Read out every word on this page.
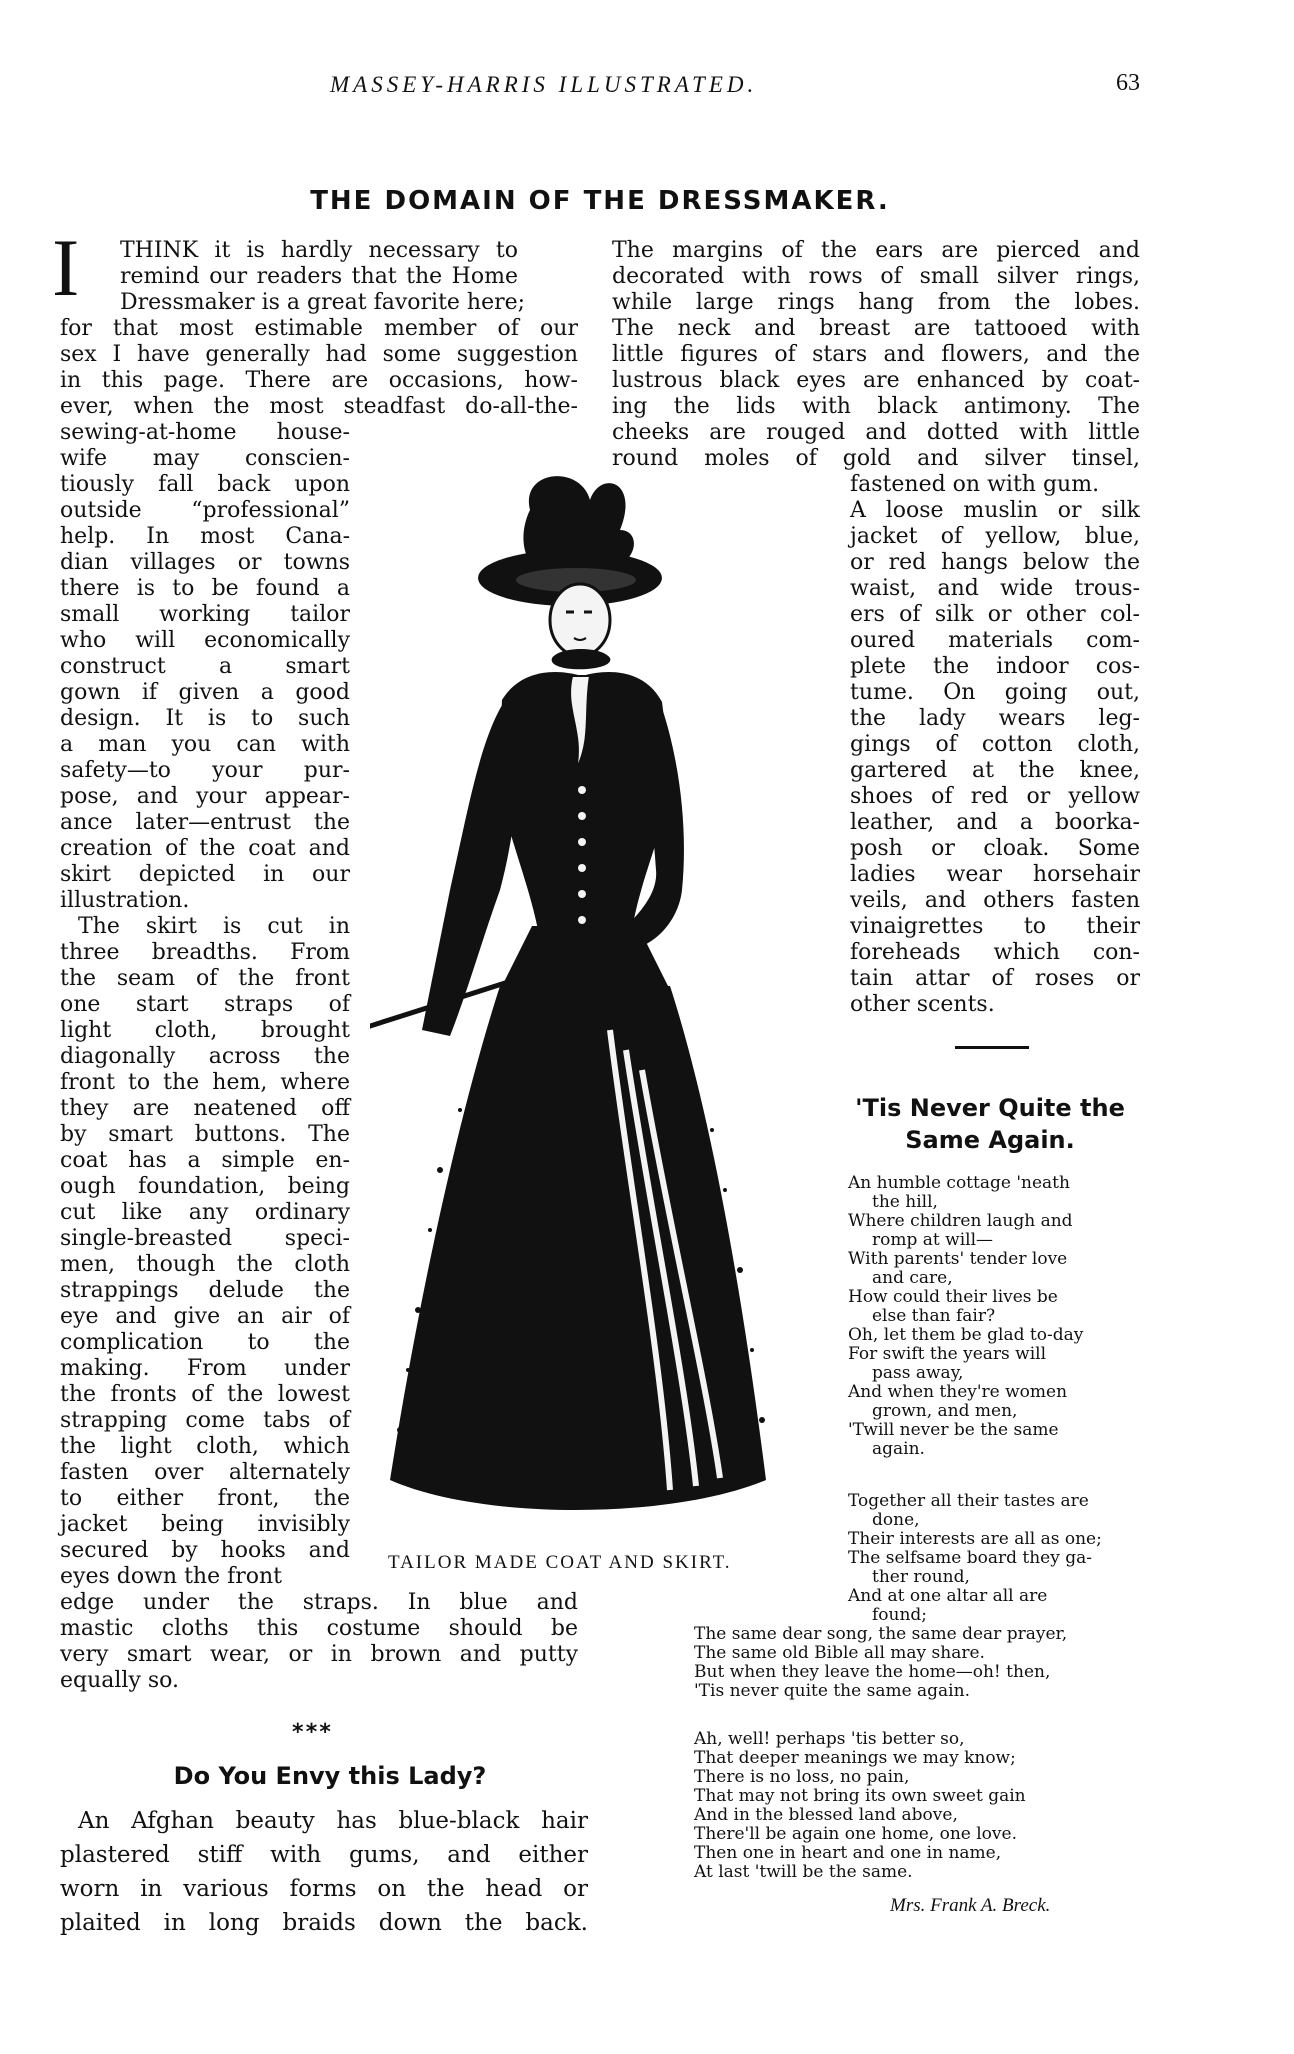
MASSEY-HARRIS ILLUSTRATED.	63
THE DOMAIN OF THE DRESSMAKER.
I THINK it is hardly necessary to
remind our readers that the Home
Dressmaker is a great favorite here;
for that most estimable member of our
sex I have generally had some suggestion
in this page. There are occasions, how-
ever, when the most steadfast do-all-the-
sewing-at-home house-
wife may conscien-
tiously fall back upon
outside “professional”
help. In most Cana-
dian villages or towns
there is to be found a
small working tailor
who will economically
construct a smart
gown if given a good
design. It is to such
a man you can with
safety—to your pur-
pose, and your appear-
ance later—entrust the
creation of the coat and
skirt depicted in our
illustration.
The skirt is cut in
three breadths. From
the seam of the front
one start straps of
light cloth, brought
diagonally across the
front to the hem, where
they are neatened off
by smart buttons. The
coat has a simple en-
ough foundation, being
cut like any ordinary
single-breasted speci-
men, though the cloth
strappings delude the
eye and give an air of
complication to the
making. From under
the fronts of the lowest
strapping come tabs of
the light cloth, which
fasten over alternately
to either front, the
jacket being invisibly
secured by hooks and
eyes down the front
edge under the straps. In blue and
mastic cloths this costume should be
very smart wear, or in brown and putty
equally so.
* * *
Do You Envy this Lady?
An Afghan beauty has blue-black hair
plastered stiff with gums, and either
worn in various forms on the head or
plaited in long braids down the back.
The margins of the ears are pierced and
decorated with rows of small silver rings,
while large rings hang from the lobes.
The neck and breast are tattooed with
little figures of stars and flowers, and the
lustrous black eyes are enhanced by coat-
ing the lids with black antimony. The
cheeks are rouged and dotted with little
round moles of gold and silver tinsel,
fastened on with gum.
A loose muslin or silk
jacket of yellow, blue,
or red hangs below the
waist, and wide trous-
ers of silk or other col-
oured materials com-
plete the indoor cos-
tume. On going out,
the lady wears leg-
gings of cotton cloth,
gartered at the knee,
shoes of red or yellow
leather, and a boorka-
posh or cloak. Some
ladies wear horsehair
veils, and others fasten
vinaigrettes to their
foreheads which con-
tain attar of roses or
other scents.
'Tis Never Quite the
Same Again.
An humble cottage 'neath
the hill,
Where children laugh and
romp at will—
With parents' tender love
and care,
How could their lives be
else than fair?
Oh, let them be glad to-day
For swift the years will
pass away,
And when they're women
grown, and men,
'Twill never be the same
again.
Together all their tastes are
done,
Their interests are all as one;
The selfsame board they ga-
ther round,
And at one altar all are
found;
The same dear song, the same dear prayer,
The same old Bible all may share.
But when they leave the home—oh! then,
'Tis never quite the same again.
Ah, well! perhaps 'tis better so,
That deeper meanings we may know;
There is no loss, no pain,
That may not bring its own sweet gain
And in the blessed land above,
There'll be again one home, one love.
Then one in heart and one in name,
At last 'twill be the same.
Mrs. Frank A. Breck.
TAILOR MADE COAT AND SKIRT.
